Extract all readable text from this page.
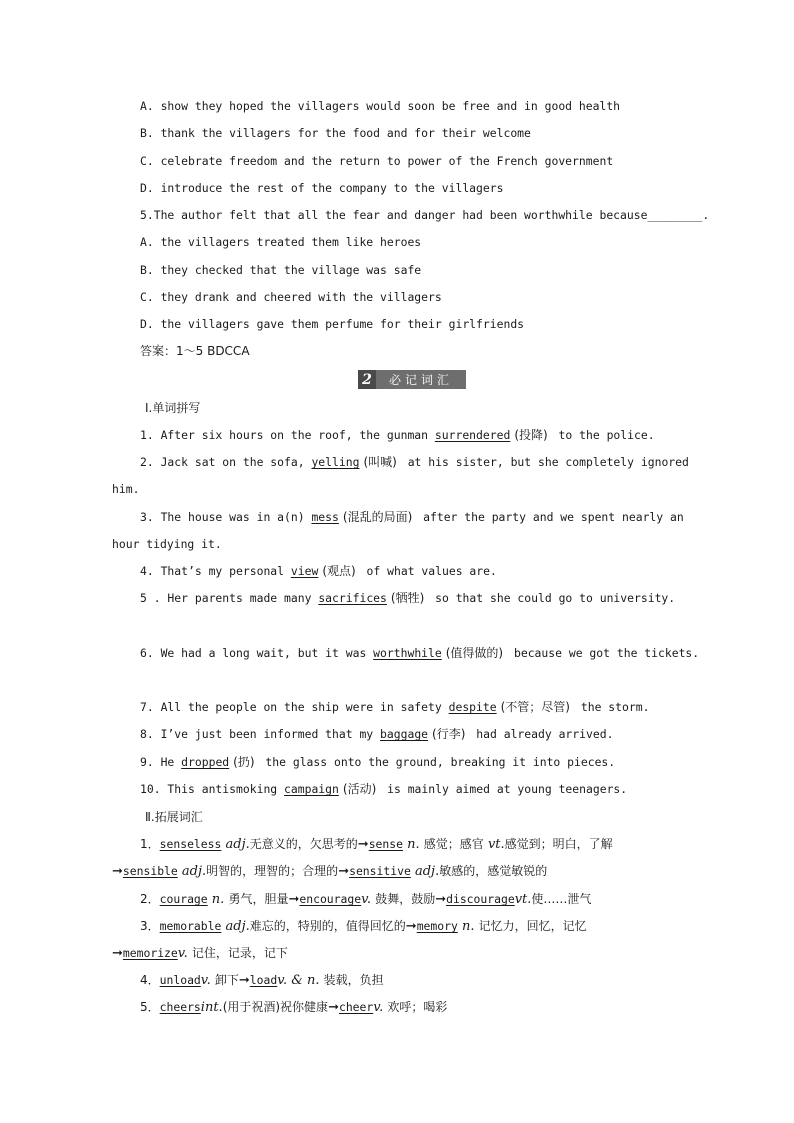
A. show they hoped the villagers would soon be free and in good health
B. thank the villagers for the food and for their welcome
C. celebrate freedom and the return to power of the French government
D. introduce the rest of the company to the villagers
5.The author felt that all the fear and danger had been worthwhile because________.
A. the villagers treated them like heroes
B. they checked that the village was safe
C. they drank and cheered with the villagers
D. the villagers gave them perfume for their girlfriends
答案：1～5 BDCCA
2	必记词汇
Ⅰ.单词拼写
1. After six hours on the roof, the gunman surrendered (投降) to the police.
2. Jack sat on the sofa, yelling (叫喊) at his sister, but she completely ignored him.
3. The house was in a(n) mess (混乱的局面) after the party and we spent nearly an hour tidying it.
4. That’s my personal view (观点) of what values are.
5 . Her parents made many sacrifices (牺牲) so that she could go to university.
6. We had a long wait, but it was worthwhile (值得做的) because we got the tickets.
7. All the people on the ship were in safety despite (不管；尽管) the storm.
8. I’ve just been informed that my baggage (行李) had already arrived.
9. He dropped (扔) the glass onto the ground, breaking it into pieces.
10. This antismoking campaign (活动) is mainly aimed at young teenagers.
Ⅱ.拓展词汇
1．senseless adj.无意义的，欠思考的➞sense n. 感觉；感官 vt.感觉到；明白，了解
➞sensible adj.明智的，理智的；合理的➞sensitive adj.敏感的，感觉敏锐的
2．courage n. 勇气，胆量➞encouragev. 鼓舞，鼓励➞discouragevt.使……泄气
3．memorable adj.难忘的，特别的，值得回忆的➞memory n. 记忆力，回忆，记忆
➞memorizev. 记住，记录，记下
4．unloadv. 卸下➞loadv. & n. 装载，负担
5．cheersint.(用于祝酒)祝你健康➞cheerv. 欢呼；喝彩
